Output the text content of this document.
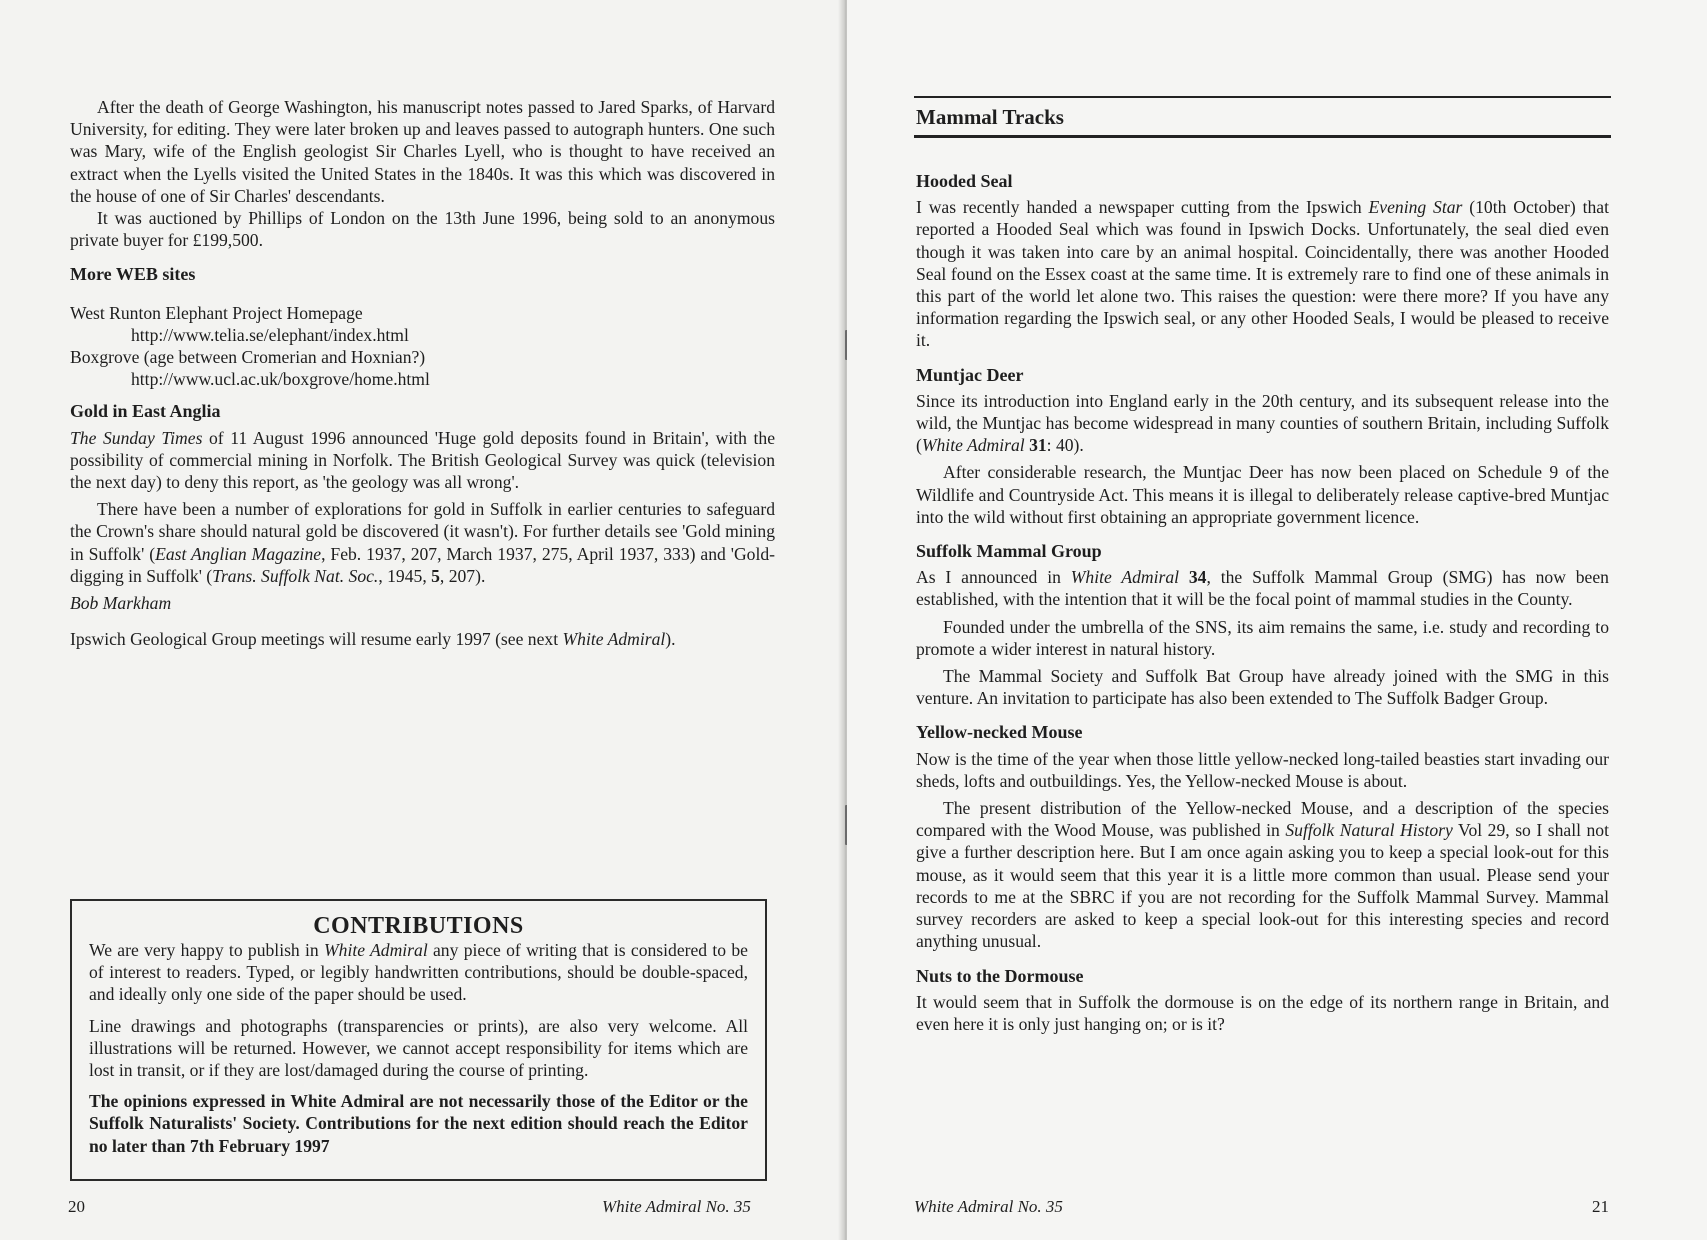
After the death of George Washington, his manuscript notes passed to Jared Sparks, of Harvard University, for editing. They were later broken up and leaves passed to autograph hunters. One such was Mary, wife of the English geologist Sir Charles Lyell, who is thought to have received an extract when the Lyells visited the United States in the 1840s. It was this which was discovered in the house of one of Sir Charles' descendants.

It was auctioned by Phillips of London on the 13th June 1996, being sold to an anonymous private buyer for £199,500.

More WEB sites

West Runton Elephant Project Homepage

http://www.telia.se/elephant/index.html

Boxgrove (age between Cromerian and Hoxnian?)

http://www.ucl.ac.uk/boxgrove/home.html

Gold in East Anglia

The Sunday Times of 11 August 1996 announced 'Huge gold deposits found in Britain', with the possibility of commercial mining in Norfolk. The British Geological Survey was quick (television the next day) to deny this report, as 'the geology was all wrong'.

There have been a number of explorations for gold in Suffolk in earlier centuries to safeguard the Crown's share should natural gold be discovered (it wasn't). For further details see 'Gold mining in Suffolk' (East Anglian Magazine, Feb. 1937, 207, March 1937, 275, April 1937, 333) and 'Gold-digging in Suffolk' (Trans. Suffolk Nat. Soc., 1945, 5, 207).

Bob Markham

Ipswich Geological Group meetings will resume early 1997 (see next White Admiral).

CONTRIBUTIONS

We are very happy to publish in White Admiral any piece of writing that is considered to be of interest to readers. Typed, or legibly handwritten contributions, should be double-spaced, and ideally only one side of the paper should be used.

Line drawings and photographs (transparencies or prints), are also very welcome. All illustrations will be returned. However, we cannot accept responsibility for items which are lost in transit, or if they are lost/damaged during the course of printing.

The opinions expressed in White Admiral are not necessarily those of the Editor or the Suffolk Naturalists' Society. Contributions for the next edition should reach the Editor no later than 7th February 1997

20	White Admiral No. 35
Mammal Tracks

Hooded Seal

I was recently handed a newspaper cutting from the Ipswich Evening Star (10th October) that reported a Hooded Seal which was found in Ipswich Docks. Unfortunately, the seal died even though it was taken into care by an animal hospital. Coincidentally, there was another Hooded Seal found on the Essex coast at the same time. It is extremely rare to find one of these animals in this part of the world let alone two. This raises the question: were there more? If you have any information regarding the Ipswich seal, or any other Hooded Seals, I would be pleased to receive it.

Muntjac Deer

Since its introduction into England early in the 20th century, and its subsequent release into the wild, the Muntjac has become widespread in many counties of southern Britain, including Suffolk (White Admiral 31: 40).

After considerable research, the Muntjac Deer has now been placed on Schedule 9 of the Wildlife and Countryside Act. This means it is illegal to deliberately release captive-bred Muntjac into the wild without first obtaining an appropriate government licence.

Suffolk Mammal Group

As I announced in White Admiral 34, the Suffolk Mammal Group (SMG) has now been established, with the intention that it will be the focal point of mammal studies in the County.

Founded under the umbrella of the SNS, its aim remains the same, i.e. study and recording to promote a wider interest in natural history.

The Mammal Society and Suffolk Bat Group have already joined with the SMG in this venture. An invitation to participate has also been extended to The Suffolk Badger Group.

Yellow-necked Mouse

Now is the time of the year when those little yellow-necked long-tailed beasties start invading our sheds, lofts and outbuildings. Yes, the Yellow-necked Mouse is about.

The present distribution of the Yellow-necked Mouse, and a description of the species compared with the Wood Mouse, was published in Suffolk Natural History Vol 29, so I shall not give a further description here. But I am once again asking you to keep a special look-out for this mouse, as it would seem that this year it is a little more common than usual. Please send your records to me at the SBRC if you are not recording for the Suffolk Mammal Survey. Mammal survey recorders are asked to keep a special look-out for this interesting species and record anything unusual.

Nuts to the Dormouse

It would seem that in Suffolk the dormouse is on the edge of its northern range in Britain, and even here it is only just hanging on; or is it?

White Admiral No. 35	21
